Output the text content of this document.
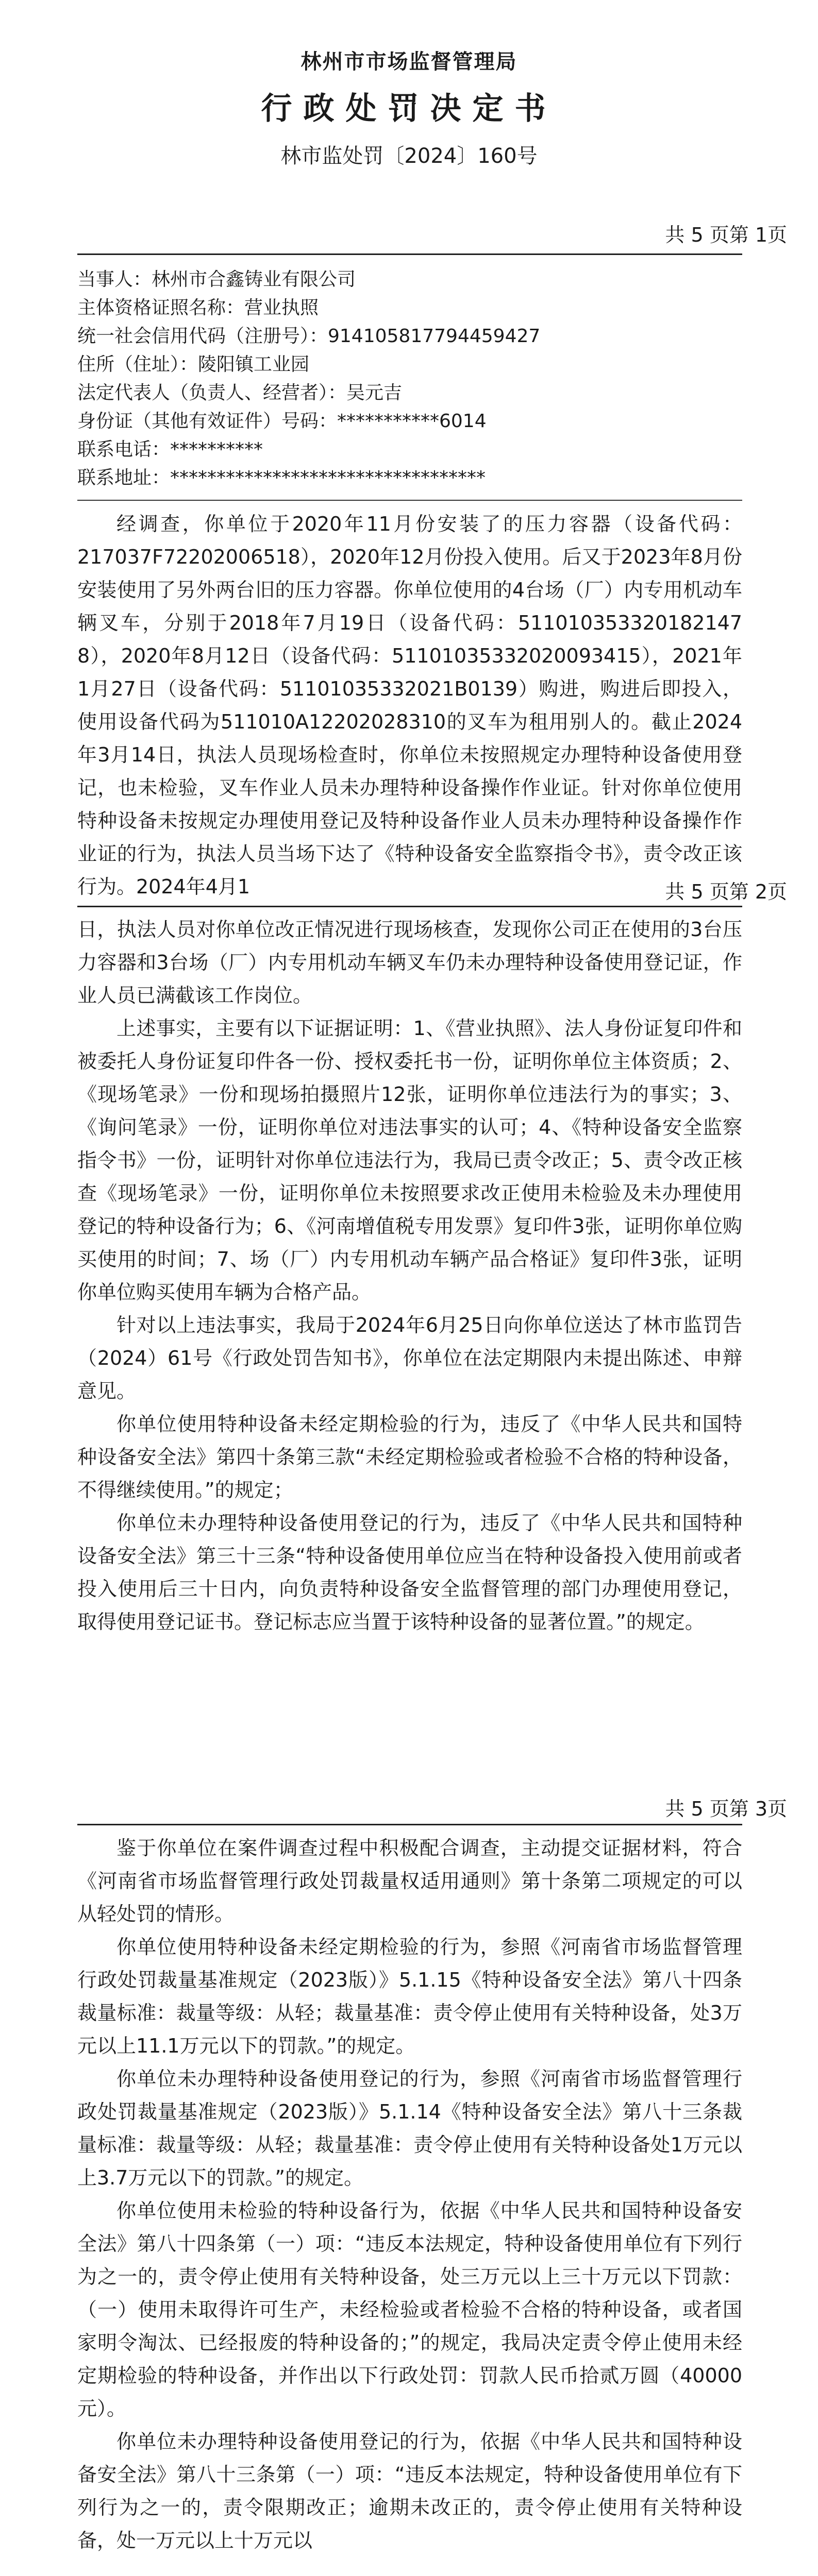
林州市市场监督管理局
行政处罚决定书
林市监处罚〔2024〕160号
共 5 页第 1页
当事人：林州市合鑫铸业有限公司
主体资格证照名称：营业执照
统一社会信用代码（注册号）：914105817794459427
住所（住址）：陵阳镇工业园
法定代表人（负责人、经营者）：吴元吉
身份证（其他有效证件）号码：***********6014
联系电话：**********
联系地址：**********************************

经调查，你单位于2020年11月份安装了的压力容器（设备代码：217037F72202006518），2020年12月份投入使用。后又于2023年8月份安装使用了另外两台旧的压力容器。你单位使用的4台场（厂）内专用机动车辆叉车，分别于2018年7月19日（设备代码：511010353320182147​8），2020年8月12日（设备代码：51101035332020093415），2021年1月27日（设备代码：5110103533202​1B0139）购进，购进后即投入，使用设备代码为511010A1220202831​0的叉车为租用别人的。截止2024年3月14日，执法人员现场检查时，你单位未按照规定办理特种设备使用登记，也未检验，叉车作业人员未办理特种设备操作作业证。针对你单位使用特种设备未按规定办理使用登记及特种设备作业人员未办理特种设备操作作业证的行为，执法人员当场下达了《特种设备安全监察指令书》，责令改正该行为。2024年4月1	共 5 页第 2页

日，执法人员对你单位改正情况进行现场核查，发现你公司正在使用的3台压力容器和3台场（厂）内专用机动车辆叉车仍未办理特种设备使用登记证，作业人员已满截该工作岗位。

上述事实，主要有以下证据证明：1、《营业执照》、法人身份证复印件和被委托人身份证复印件各一份、授权委托书一份，证明你单位主体资质；2、《现场笔录》一份和现场拍摄照片12张，证明你单位违法行为的事实；3、《询问笔录》一份，证明你单位对违法事实的认可；4、《特种设备安全监察指令书》一份，证明针对你单位违法行为，我局已责令改正；5、责令改正核查《现场笔录》一份，证明你单位未按照要求改正使用未检验及未办理使用登记的特种设备行为；6、《河南增值税专用发票》复印件3张，证明你单位购买使用的时间；7、场（厂）内专用机动车辆产品合格证》复印件3张，证明你单位购买使用车辆为合格产品。

针对以上违法事实，我局于2024年6月25日向你单位送达了林市监罚告（2024）61号《行政处罚告知书》，你单位在法定期限内未提出陈述、申辩意见。

你单位使用特种设备未经定期检验的行为，违反了《中华人民共和国特种设备安全法》第四十条第三款“未经定期检验或者检验不合格的特种设备，不得继续使用。”的规定；

你单位未办理特种设备使用登记的行为，违反了《中华人民共和国特种设备安全法》第三十三条“特种设备使用单位应当在特种设备投入使用前或者投入使用后三十日内，向负责特种设备安全监督管理的部门办理使用登记，取得使用登记证书。登记标志应当置于该特种设备的显著位置。”的规定。

共 5 页第 3页

鉴于你单位在案件调查过程中积极配合调查，主动提交证据材料，符合《河南省市场监督管理行政处罚裁量权适用通则》第十条第二项规定的可以从轻处罚的情形。

你单位使用特种设备未经定期检验的行为，参照《河南省市场监督管理行政处罚裁量基准规定（2023版）》5.1.15《特种设备安全法》第八十四条裁量标准：裁量等级：从轻；裁量基准：责令停止使用有关特种设备，处3万元以上11.1万元以下的罚款。”的规定。

你单位未办理特种设备使用登记的行为，参照《河南省市场监督管理行政处罚裁量基准规定（2023版）》5.1.14《特种设备安全法》第八十三条裁量标准：裁量等级：从轻；裁量基准：责令停止使用有关特种设备处1万元以上3.7万元以下的罚款。”的规定。

你单位使用未检验的特种设备行为，依据《中华人民共和国特种设备安全法》第八十四条第（一）项：“违反本法规定，特种设备使用单位有下列行为之一的，责令停止使用有关特种设备，处三万元以上三十万元以下罚款：（一）使用未取得许可生产，未经检验或者检验不合格的特种设备，或者国家明令淘汰、已经报废的特种设备的；”的规定，我局决定责令停止使用未经定期检验的特种设备，并作出以下行政处罚：罚款人民币拾贰万圆（40000元）。

你单位未办理特种设备使用登记的行为，依据《中华人民共和国特种设备安全法》第八十三条第（一）项：“违反本法规定，特种设备使用单位有下列行为之一的，责令限期改正；逾期未改正的，责令停止使用有关特种设备，处一万元以上十万元以
